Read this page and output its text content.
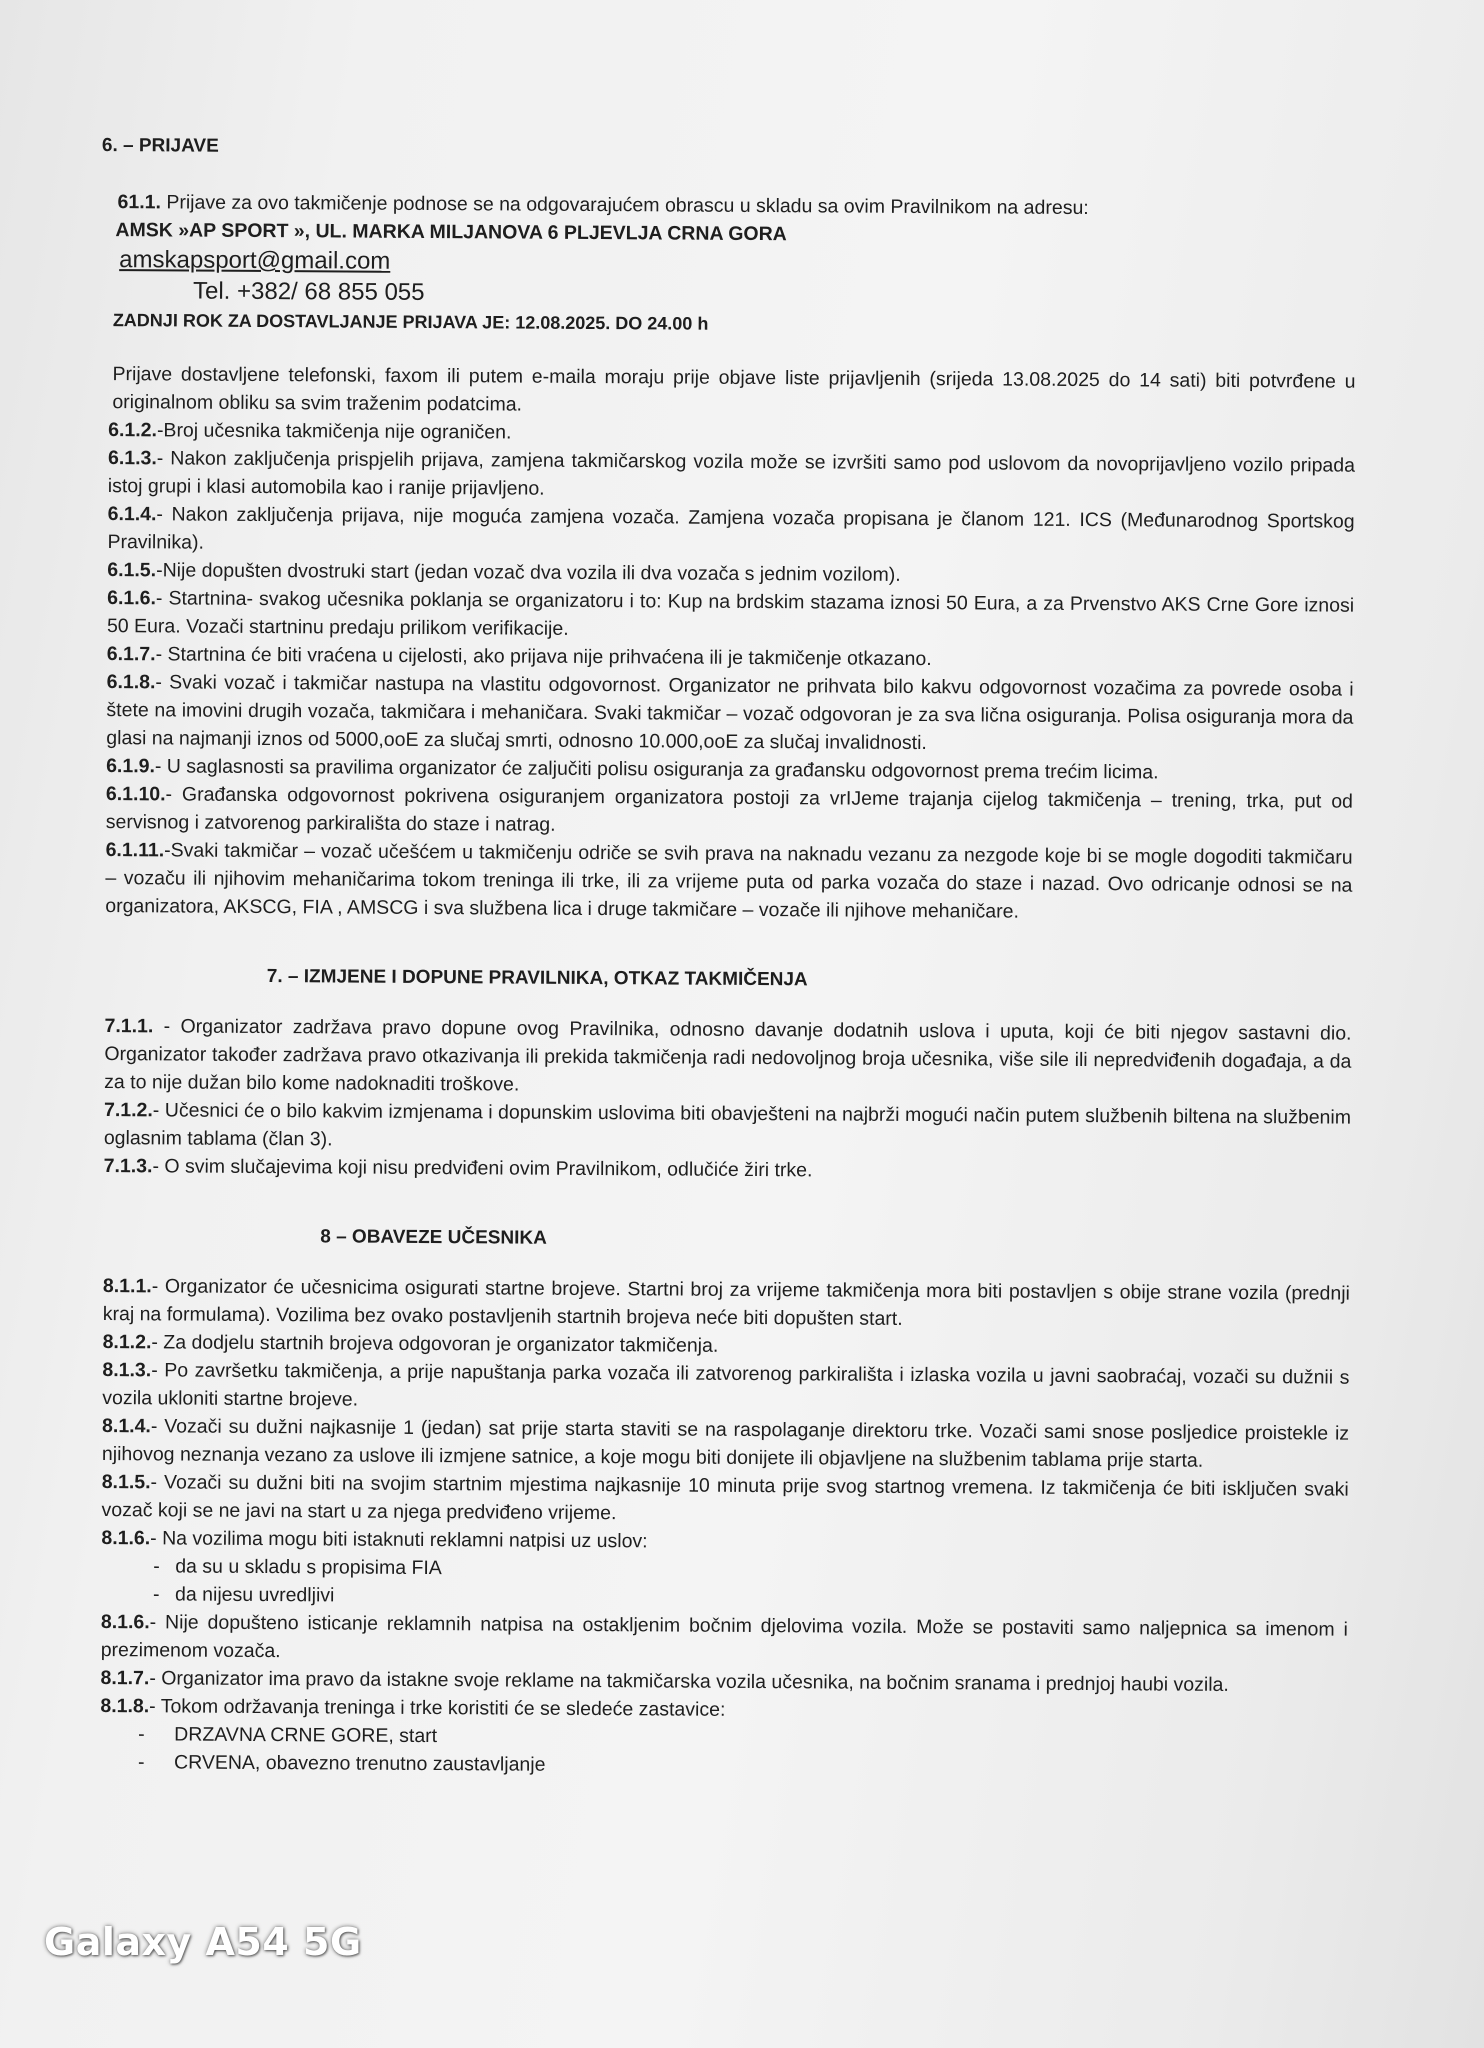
6. – PRIJAVE

61.1. Prijave za ovo takmičenje podnose se na odgovarajućem obrascu u skladu sa ovim Pravilnikom na adresu:

AMSK »AP SPORT », UL. MARKA MILJANOVA 6 PLJEVLJA CRNA GORA

amskapsport@gmail.com

Tel. +382/ 68 855 055

ZADNJI ROK ZA DOSTAVLJANJE PRIJAVA JE: 12.08.2025. DO 24.00 h

Prijave dostavljene telefonski, faxom ili putem e-maila moraju prije objave liste prijavljenih (srijeda 13.08.2025 do 14 sati) biti potvrđene u originalnom obliku sa svim traženim podatcima.

6.1.2.-Broj učesnika takmičenja nije ograničen.

6.1.3.- Nakon zaključenja prispjelih prijava, zamjena takmičarskog vozila može se izvršiti samo pod uslovom da novoprijavljeno vozilo pripada istoj grupi i klasi automobila kao i ranije prijavljeno.

6.1.4.- Nakon zaključenja prijava, nije moguća zamjena vozača. Zamjena vozača propisana je članom 121. ICS (Međunarodnog Sportskog Pravilnika).

6.1.5.-Nije dopušten dvostruki start (jedan vozač dva vozila ili dva vozača s jednim vozilom).

6.1.6.- Startnina- svakog učesnika poklanja se organizatoru i to: Kup na brdskim stazama iznosi 50 Eura, a za Prvenstvo AKS Crne Gore iznosi 50 Eura. Vozači startninu predaju prilikom verifikacije.

6.1.7.- Startnina će biti vraćena u cijelosti, ako prijava nije prihvaćena ili je takmičenje otkazano.

6.1.8.- Svaki vozač i takmičar nastupa na vlastitu odgovornost. Organizator ne prihvata bilo kakvu odgovornost vozačima za povrede osoba i štete na imovini drugih vozača, takmičara i mehaničara. Svaki takmičar – vozač odgovoran je za sva lična osiguranja. Polisa osiguranja mora da glasi na najmanji iznos od 5000,ooE za slučaj smrti, odnosno 10.000,ooE za slučaj invalidnosti.

6.1.9.- U saglasnosti sa pravilima organizator će zaljučiti polisu osiguranja za građansku odgovornost prema trećim licima.

6.1.10.- Građanska odgovornost pokrivena osiguranjem organizatora postoji za vrIJeme trajanja cijelog takmičenja – trening, trka, put od servisnog i zatvorenog parkirališta do staze i natrag.

6.1.11.-Svaki takmičar – vozač učešćem u takmičenju odriče se svih prava na naknadu vezanu za nezgode koje bi se mogle dogoditi takmičaru – vozaču ili njihovim mehaničarima tokom treninga ili trke, ili za vrijeme puta od parka vozača do staze i nazad. Ovo odricanje odnosi se na organizatora, AKSCG, FIA , AMSCG i sva službena lica i druge takmičare – vozače ili njihove mehaničare.

7. – IZMJENE I DOPUNE PRAVILNIKA, OTKAZ TAKMIČENJA

7.1.1. - Organizator zadržava pravo dopune ovog Pravilnika, odnosno davanje dodatnih uslova i uputa, koji će biti njegov sastavni dio. Organizator također zadržava pravo otkazivanja ili prekida takmičenja radi nedovoljnog broja učesnika, više sile ili nepredviđenih događaja, a da za to nije dužan bilo kome nadoknaditi troškove.

7.1.2.- Učesnici će o bilo kakvim izmjenama i dopunskim uslovima biti obavješteni na najbrži mogući način putem službenih biltena na službenim oglasnim tablama (član 3).

7.1.3.- O svim slučajevima koji nisu predviđeni ovim Pravilnikom, odlučiće žiri trke.

8 – OBAVEZE UČESNIKA

8.1.1.- Organizator će učesnicima osigurati startne brojeve. Startni broj za vrijeme takmičenja mora biti postavljen s obije strane vozila (prednji kraj na formulama). Vozilima bez ovako postavljenih startnih brojeva neće biti dopušten start.

8.1.2.- Za dodjelu startnih brojeva odgovoran je organizator takmičenja.

8.1.3.- Po završetku takmičenja, a prije napuštanja parka vozača ili zatvorenog parkirališta i izlaska vozila u javni saobraćaj, vozači su dužnii s vozila ukloniti startne brojeve.

8.1.4.- Vozači su dužni najkasnije 1 (jedan) sat prije starta staviti se na raspolaganje direktoru trke. Vozači sami snose posljedice proistekle iz njihovog neznanja vezano za uslove ili izmjene satnice, a koje mogu biti donijete ili objavljene na službenim tablama prije starta.

8.1.5.- Vozači su dužni biti na svojim startnim mjestima najkasnije 10 minuta prije svog startnog vremena. Iz takmičenja će biti isključen svaki vozač koji se ne javi na start u za njega predviđeno vrijeme.

8.1.6.- Na vozilima mogu biti istaknuti reklamni natpisi uz uslov:

- da su u skladu s propisima FIA

- da nijesu uvredljivi

8.1.6.- Nije dopušteno isticanje reklamnih natpisa na ostakljenim bočnim djelovima vozila. Može se postaviti samo naljepnica sa imenom i prezimenom vozača.

8.1.7.- Organizator ima pravo da istakne svoje reklame na takmičarska vozila učesnika, na bočnim sranama i prednjoj haubi vozila.

8.1.8.- Tokom održavanja treninga i trke koristiti će se sledeće zastavice:

- DRZAVNA CRNE GORE, start

- CRVENA, obavezno trenutno zaustavljanje

Galaxy A54 5G
